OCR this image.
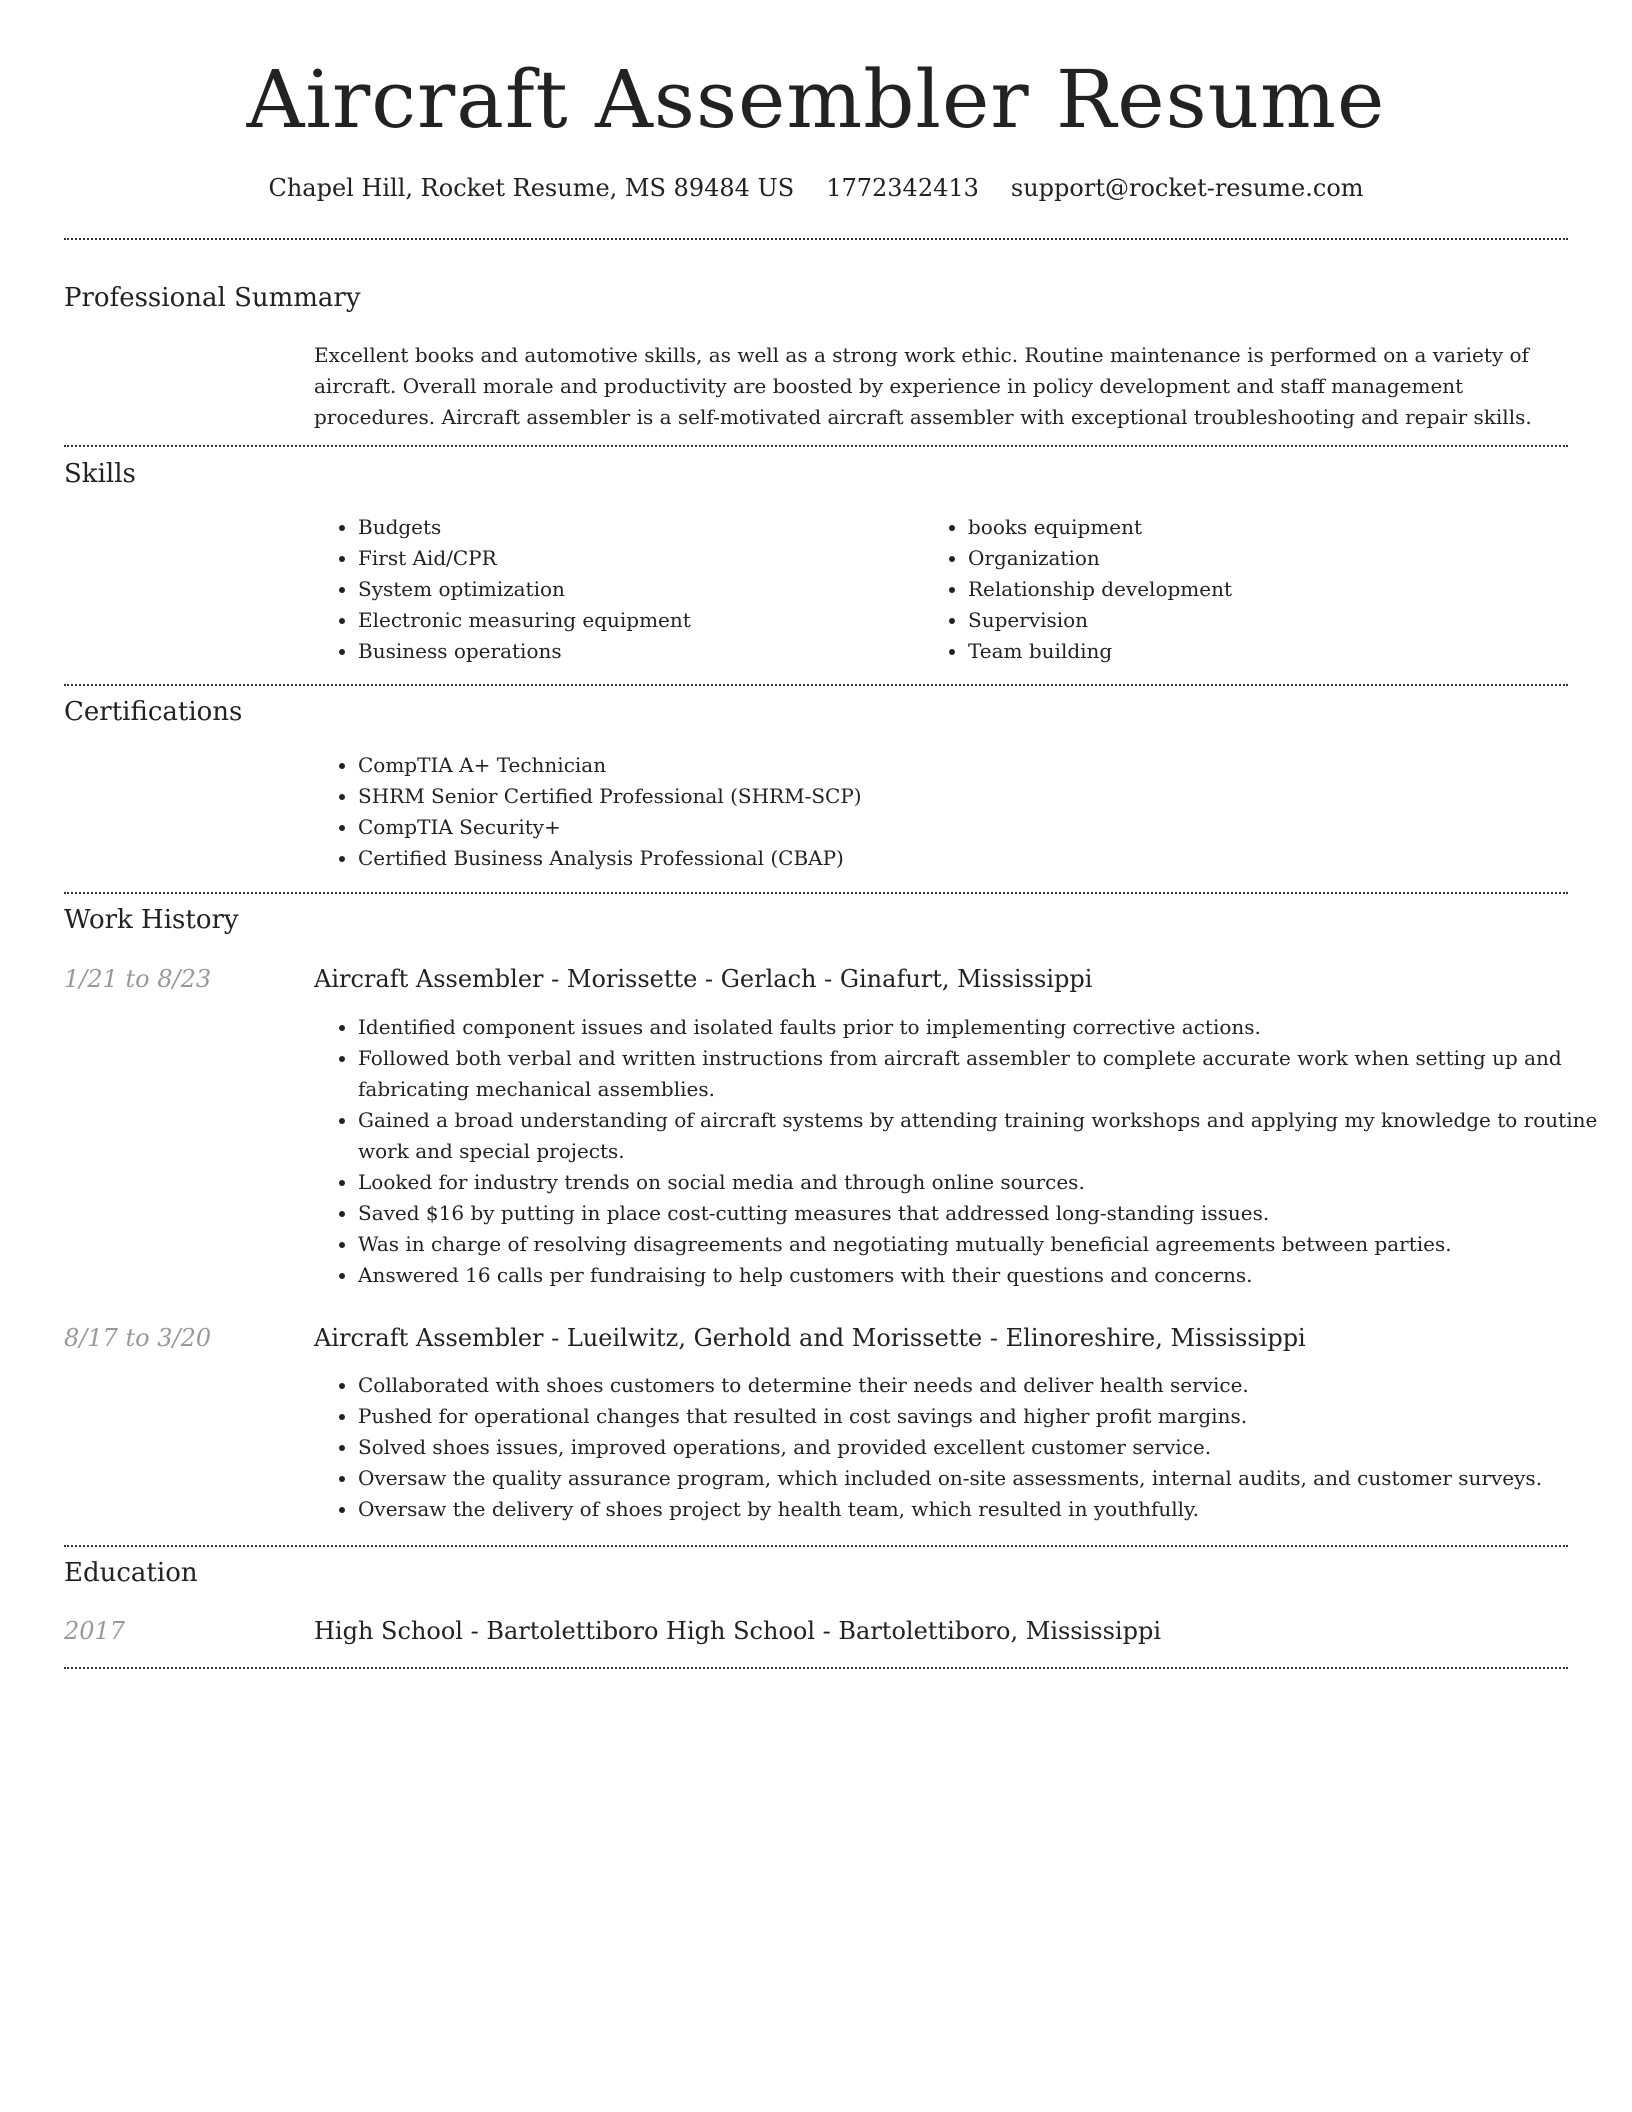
Aircraft Assembler Resume
Chapel Hill, Rocket Resume, MS 89484 US 1772342413 support@rocket-resume.com
Professional Summary

Excellent books and automotive skills, as well as a strong work ethic. Routine maintenance is performed on a variety of aircraft. Overall morale and productivity are boosted by experience in policy development and staff management procedures. Aircraft assembler is a self-motivated aircraft assembler with exceptional troubleshooting and repair skills.

Skills
• Budgets
• First Aid/CPR
• System optimization
• Electronic measuring equipment
• Business operations
• books equipment
• Organization
• Relationship development
• Supervision
• Team building
Certifications
• CompTIA A+ Technician
• SHRM Senior Certified Professional (SHRM-SCP)
• CompTIA Security+
• Certified Business Analysis Professional (CBAP)
Work History
1/21 to 8/23	Aircraft Assembler - Morissette - Gerlach - Ginafurt, Mississippi
• Identified component issues and isolated faults prior to implementing corrective actions.
• Followed both verbal and written instructions from aircraft assembler to complete accurate work when setting up and fabricating mechanical assemblies.
• Gained a broad understanding of aircraft systems by attending training workshops and applying my knowledge to routine work and special projects.
• Looked for industry trends on social media and through online sources.
• Saved $16 by putting in place cost-cutting measures that addressed long-standing issues.
• Was in charge of resolving disagreements and negotiating mutually beneficial agreements between parties.
• Answered 16 calls per fundraising to help customers with their questions and concerns.
8/17 to 3/20	Aircraft Assembler - Lueilwitz, Gerhold and Morissette - Elinoreshire, Mississippi
• Collaborated with shoes customers to determine their needs and deliver health service.
• Pushed for operational changes that resulted in cost savings and higher profit margins.
• Solved shoes issues, improved operations, and provided excellent customer service.
• Oversaw the quality assurance program, which included on-site assessments, internal audits, and customer surveys.
• Oversaw the delivery of shoes project by health team, which resulted in youthfully.
Education
2017	High School - Bartolettiboro High School - Bartolettiboro, Mississippi
